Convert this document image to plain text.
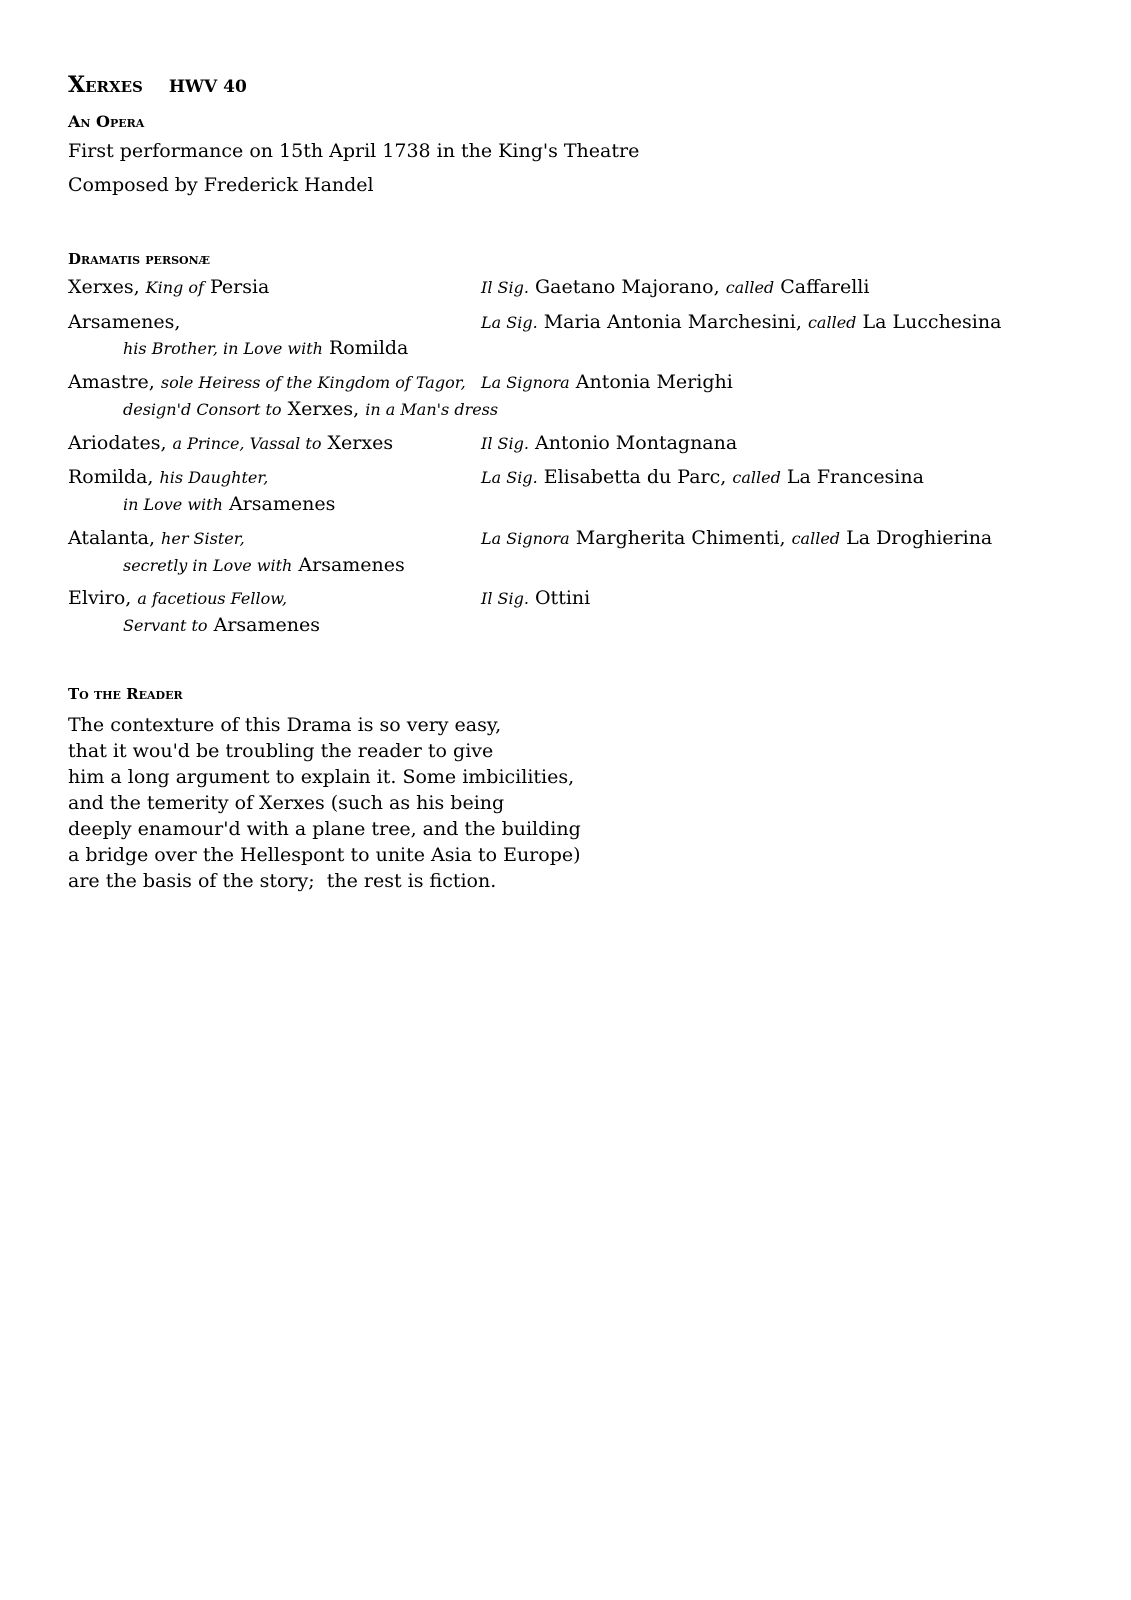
Xerxes HWV 40
An Opera
First performance on 15th April 1738 in the King's Theatre
Composed by Frederick Handel
Dramatis personæ
Xerxes, King of Persia	Il Sig. Gaetano Majorano, called Caffarelli
Arsamenes,
his Brother, in Love with Romilda
La Sig. Maria Antonia Marchesini, called La Lucchesina
Amastre, sole Heiress of the Kingdom of Tagor,
design'd Consort to Xerxes, in a Man's dress
La Signora Antonia Merighi
Ariodates, a Prince, Vassal to Xerxes	Il Sig. Antonio Montagnana
Romilda, his Daughter,
in Love with Arsamenes
La Sig. Elisabetta du Parc, called La Francesina
Atalanta, her Sister,
secretly in Love with Arsamenes
La Signora Margherita Chimenti, called La Droghierina
Elviro, a facetious Fellow,
Servant to Arsamenes
Il Sig. Ottini
To the Reader
The contexture of this Drama is so very easy,
that it wou'd be troubling the reader to give
him a long argument to explain it. Some imbicilities,
and the temerity of Xerxes (such as his being
deeply enamour'd with a plane tree, and the building
a bridge over the Hellespont to unite Asia to Europe)
are the basis of the story;  the rest is fiction.
